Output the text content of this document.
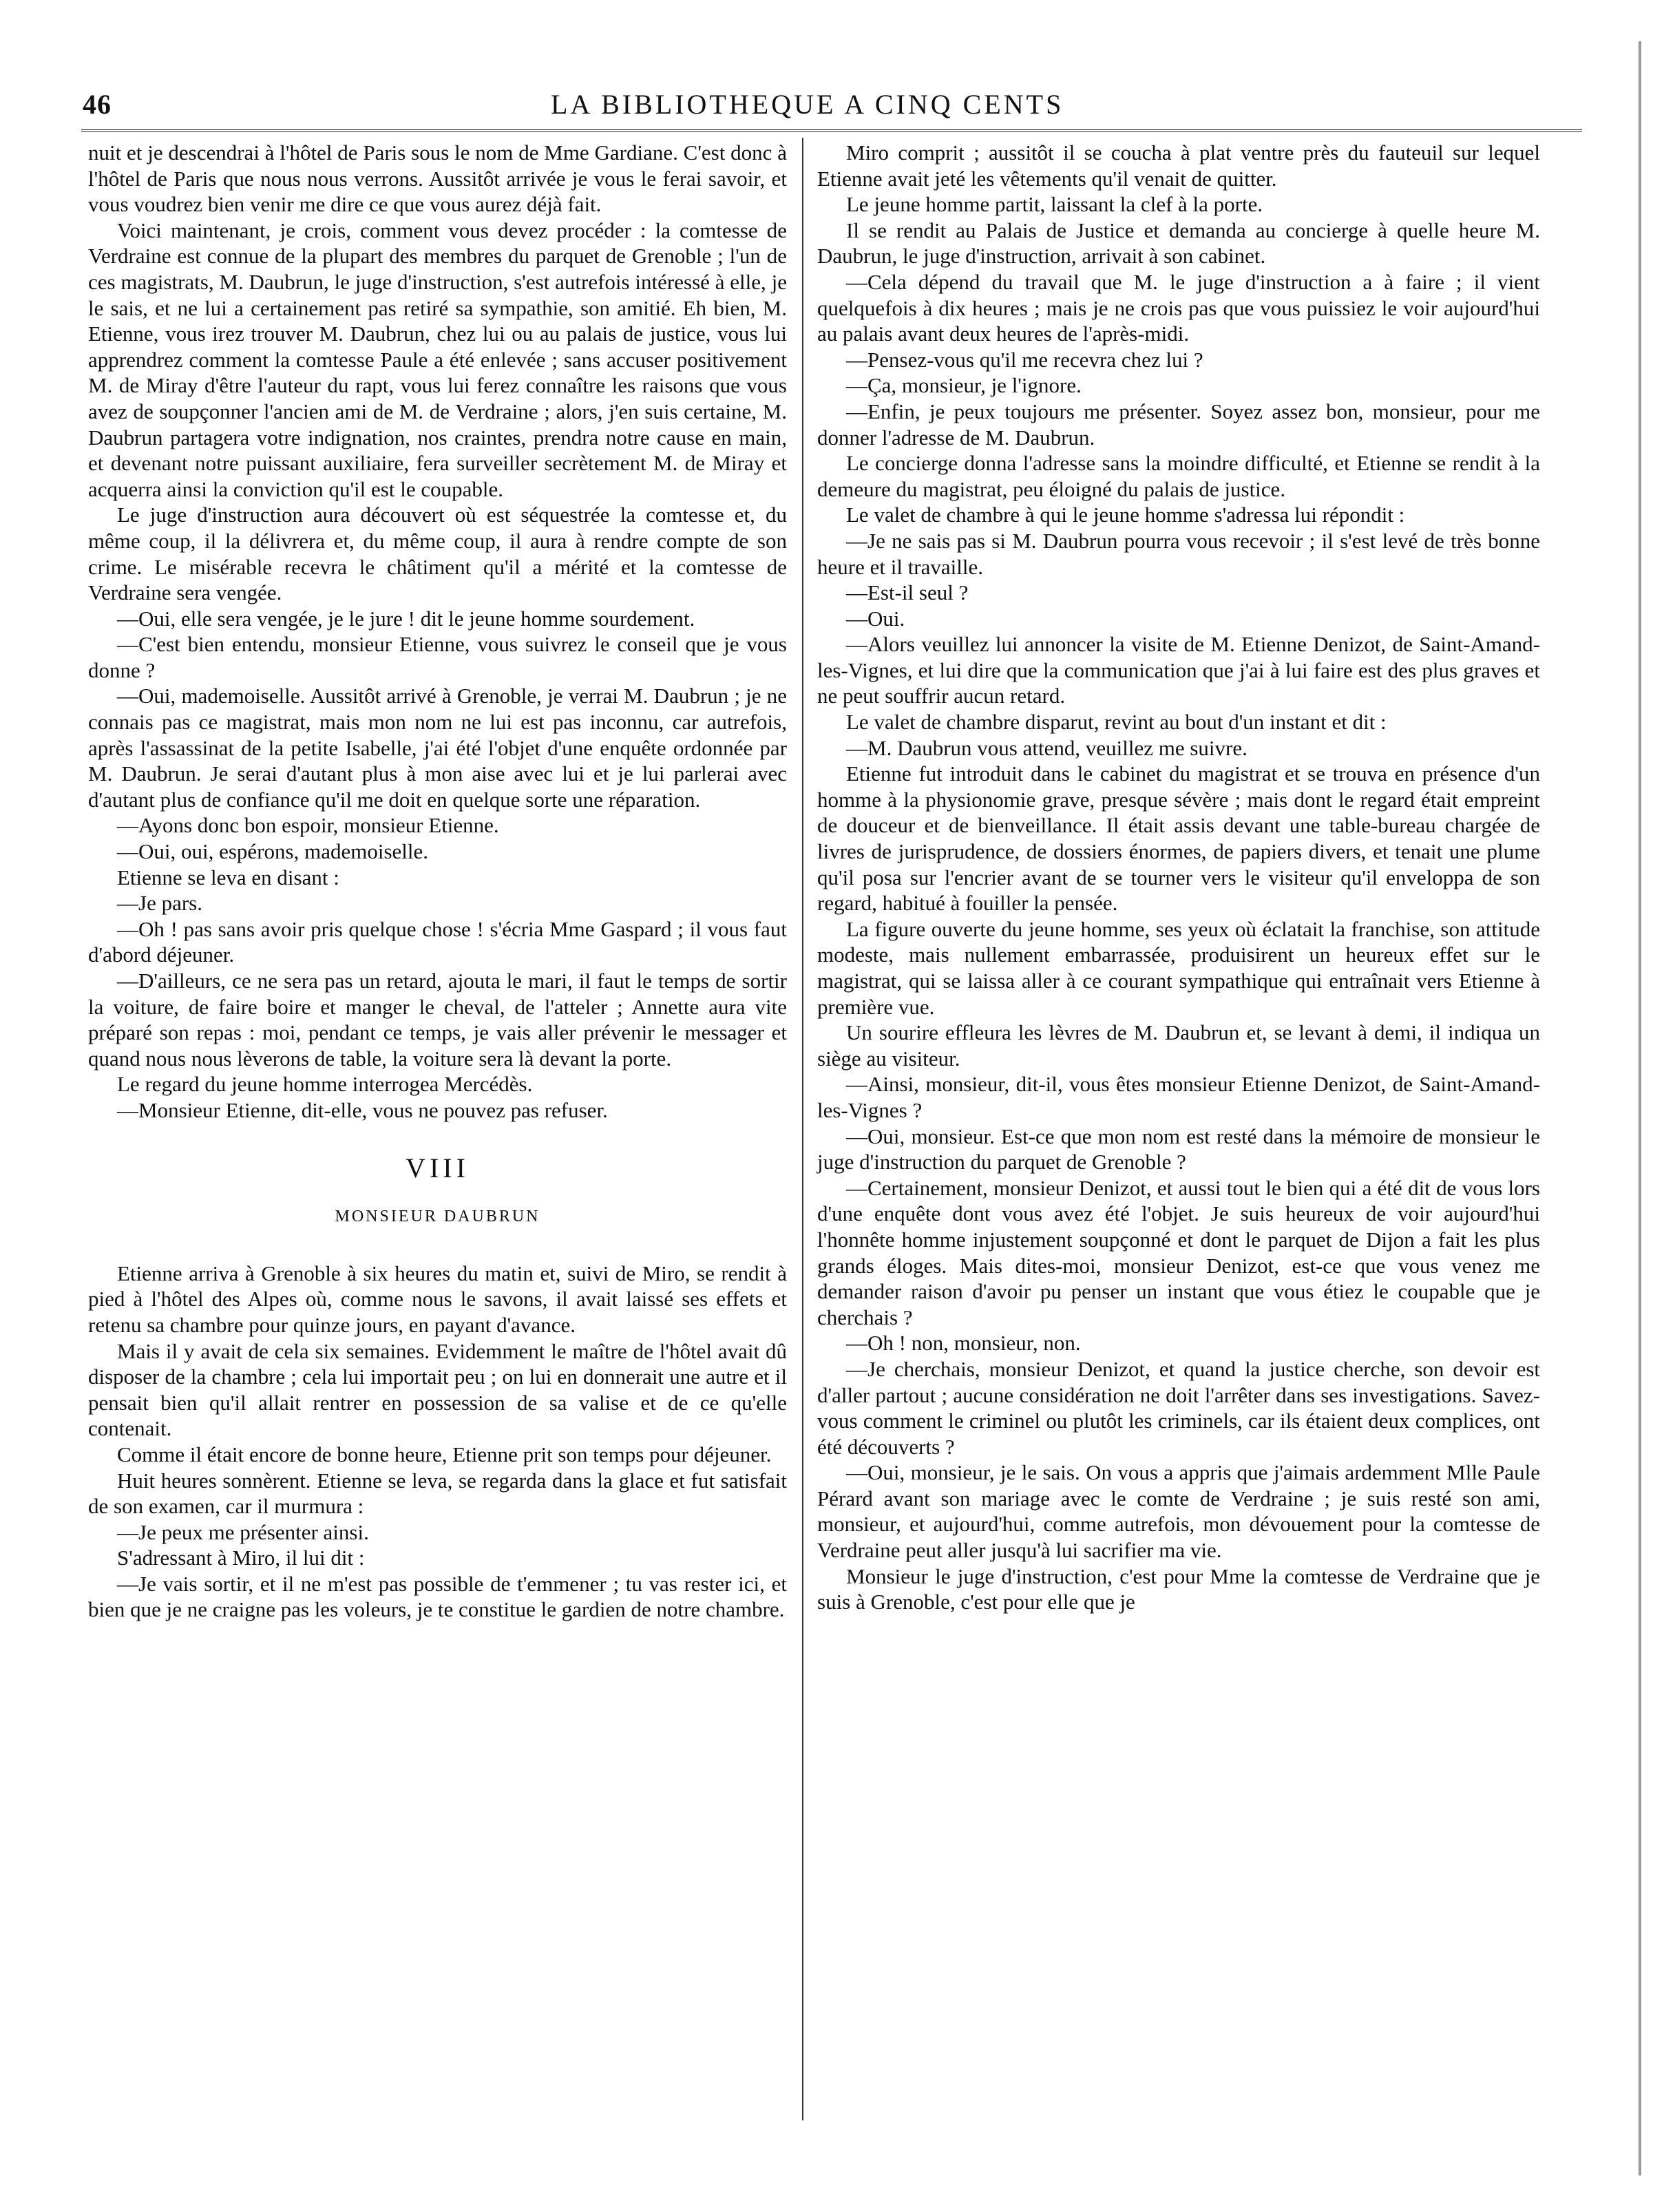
46	LA BIBLIOTHEQUE A CINQ CENTS

nuit et je descendrai à l'hôtel de Paris sous le nom de Mme Gardiane. C'est donc à l'hôtel de Paris que nous nous verrons. Aussitôt arrivée je vous le ferai savoir, et vous voudrez bien venir me dire ce que vous aurez déjà fait.

Voici maintenant, je crois, comment vous devez procéder : la comtesse de Verdraine est connue de la plupart des membres du parquet de Grenoble ; l'un de ces magistrats, M. Daubrun, le juge d'instruction, s'est autrefois intéressé à elle, je le sais, et ne lui a certainement pas retiré sa sympathie, son amitié. Eh bien, M. Etienne, vous irez trouver M. Daubrun, chez lui ou au palais de justice, vous lui apprendrez comment la comtesse Paule a été enlevée ; sans accuser positivement M. de Miray d'être l'auteur du rapt, vous lui ferez connaître les raisons que vous avez de soupçonner l'ancien ami de M. de Verdraine ; alors, j'en suis certaine, M. Daubrun partagera votre indignation, nos craintes, prendra notre cause en main, et devenant notre puissant auxiliaire, fera surveiller secrètement M. de Miray et acquerra ainsi la conviction qu'il est le coupable.

Le juge d'instruction aura découvert où est séquestrée la comtesse et, du même coup, il la délivrera et, du même coup, il aura à rendre compte de son crime. Le misérable recevra le châtiment qu'il a mérité et la comtesse de Verdraine sera vengée.

—Oui, elle sera vengée, je le jure ! dit le jeune homme sourdement.

—C'est bien entendu, monsieur Etienne, vous suivrez le conseil que je vous donne ?

—Oui, mademoiselle. Aussitôt arrivé à Grenoble, je verrai M. Daubrun ; je ne connais pas ce magistrat, mais mon nom ne lui est pas inconnu, car autrefois, après l'assassinat de la petite Isabelle, j'ai été l'objet d'une enquête ordonnée par M. Daubrun. Je serai d'autant plus à mon aise avec lui et je lui parlerai avec d'autant plus de confiance qu'il me doit en quelque sorte une réparation.

—Ayons donc bon espoir, monsieur Etienne.

—Oui, oui, espérons, mademoiselle.

Etienne se leva en disant :

—Je pars.

—Oh ! pas sans avoir pris quelque chose ! s'écria Mme Gaspard ; il vous faut d'abord déjeuner.

—D'ailleurs, ce ne sera pas un retard, ajouta le mari, il faut le temps de sortir la voiture, de faire boire et manger le cheval, de l'atteler ; Annette aura vite préparé son repas : moi, pendant ce temps, je vais aller prévenir le messager et quand nous nous lèverons de table, la voiture sera là devant la porte.

Le regard du jeune homme interrogea Mercédès.

—Monsieur Etienne, dit-elle, vous ne pouvez pas refuser.

VIII
MONSIEUR DAUBRUN

Etienne arriva à Grenoble à six heures du matin et, suivi de Miro, se rendit à pied à l'hôtel des Alpes où, comme nous le savons, il avait laissé ses effets et retenu sa chambre pour quinze jours, en payant d'avance.

Mais il y avait de cela six semaines. Evidemment le maître de l'hôtel avait dû disposer de la chambre ; cela lui importait peu ; on lui en donnerait une autre et il pensait bien qu'il allait rentrer en possession de sa valise et de ce qu'elle contenait.

Comme il était encore de bonne heure, Etienne prit son temps pour déjeuner.

Huit heures sonnèrent. Etienne se leva, se regarda dans la glace et fut satisfait de son examen, car il murmura :

—Je peux me présenter ainsi.

S'adressant à Miro, il lui dit :

—Je vais sortir, et il ne m'est pas possible de t'emmener ; tu vas rester ici, et bien que je ne craigne pas les voleurs, je te constitue le gardien de notre chambre.

Miro comprit ; aussitôt il se coucha à plat ventre près du fauteuil sur lequel Etienne avait jeté les vêtements qu'il venait de quitter.

Le jeune homme partit, laissant la clef à la porte.

Il se rendit au Palais de Justice et demanda au concierge à quelle heure M. Daubrun, le juge d'instruction, arrivait à son cabinet.

—Cela dépend du travail que M. le juge d'instruction a à faire ; il vient quelquefois à dix heures ; mais je ne crois pas que vous puissiez le voir aujourd'hui au palais avant deux heures de l'après-midi.

—Pensez-vous qu'il me recevra chez lui ?

—Ça, monsieur, je l'ignore.

—Enfin, je peux toujours me présenter. Soyez assez bon, monsieur, pour me donner l'adresse de M. Daubrun.

Le concierge donna l'adresse sans la moindre difficulté, et Etienne se rendit à la demeure du magistrat, peu éloigné du palais de justice.

Le valet de chambre à qui le jeune homme s'adressa lui répondit :

—Je ne sais pas si M. Daubrun pourra vous recevoir ; il s'est levé de très bonne heure et il travaille.

—Est-il seul ?

—Oui.

—Alors veuillez lui annoncer la visite de M. Etienne Denizot, de Saint-Amand-les-Vignes, et lui dire que la communication que j'ai à lui faire est des plus graves et ne peut souffrir aucun retard.

Le valet de chambre disparut, revint au bout d'un instant et dit :

—M. Daubrun vous attend, veuillez me suivre.

Etienne fut introduit dans le cabinet du magistrat et se trouva en présence d'un homme à la physionomie grave, presque sévère ; mais dont le regard était empreint de douceur et de bienveillance. Il était assis devant une table-bureau chargée de livres de jurisprudence, de dossiers énormes, de papiers divers, et tenait une plume qu'il posa sur l'encrier avant de se tourner vers le visiteur qu'il enveloppa de son regard, habitué à fouiller la pensée.

La figure ouverte du jeune homme, ses yeux où éclatait la franchise, son attitude modeste, mais nullement embarrassée, produisirent un heureux effet sur le magistrat, qui se laissa aller à ce courant sympathique qui entraînait vers Etienne à première vue.

Un sourire effleura les lèvres de M. Daubrun et, se levant à demi, il indiqua un siège au visiteur.

—Ainsi, monsieur, dit-il, vous êtes monsieur Etienne Denizot, de Saint-Amand-les-Vignes ?

—Oui, monsieur. Est-ce que mon nom est resté dans la mémoire de monsieur le juge d'instruction du parquet de Grenoble ?

—Certainement, monsieur Denizot, et aussi tout le bien qui a été dit de vous lors d'une enquête dont vous avez été l'objet. Je suis heureux de voir aujourd'hui l'honnête homme injustement soupçonné et dont le parquet de Dijon a fait les plus grands éloges. Mais dites-moi, monsieur Denizot, est-ce que vous venez me demander raison d'avoir pu penser un instant que vous étiez le coupable que je cherchais ?

—Oh ! non, monsieur, non.

—Je cherchais, monsieur Denizot, et quand la justice cherche, son devoir est d'aller partout ; aucune considération ne doit l'arrêter dans ses investigations. Savez-vous comment le criminel ou plutôt les criminels, car ils étaient deux complices, ont été découverts ?

—Oui, monsieur, je le sais. On vous a appris que j'aimais ardemment Mlle Paule Pérard avant son mariage avec le comte de Verdraine ; je suis resté son ami, monsieur, et aujourd'hui, comme autrefois, mon dévouement pour la comtesse de Verdraine peut aller jusqu'à lui sacrifier ma vie.

Monsieur le juge d'instruction, c'est pour Mme la comtesse de Verdraine que je suis à Grenoble, c'est pour elle que je
